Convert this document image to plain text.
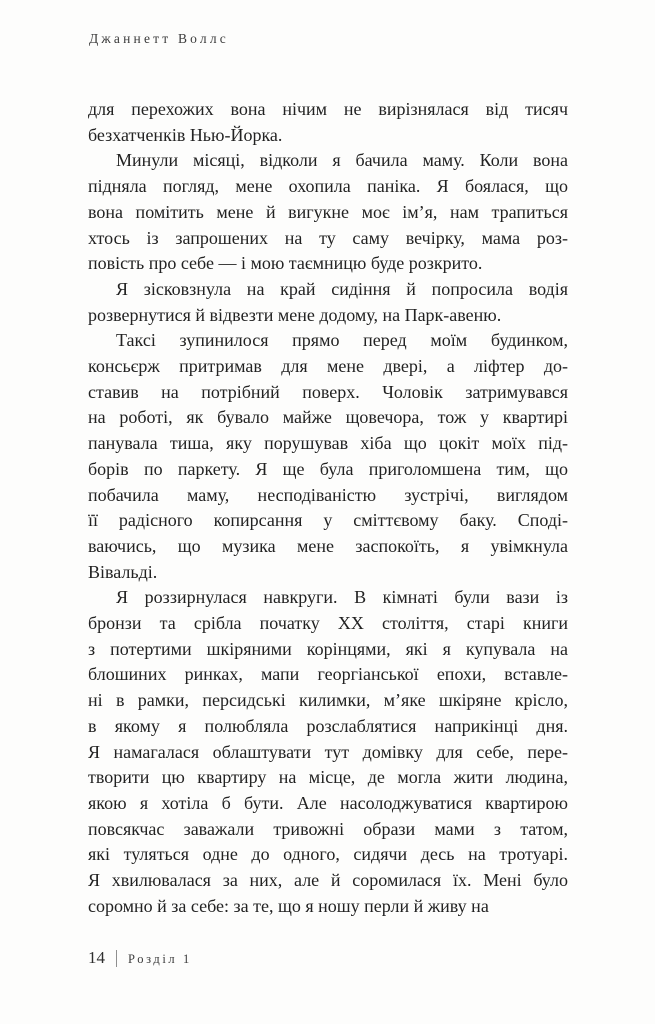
Джаннетт Воллс

для перехожих вона нічим не вирізнялася від тисяч
безхатченків Нью-Йорка.

Минули місяці, відколи я бачила маму. Коли вона
підняла погляд, мене охопила паніка. Я боялася, що
вона помітить мене й вигукне моє ім’я, нам трапиться
хтось із запрошених на ту саму вечірку, мама роз-
повість про себе — і мою таємницю буде розкрито.

Я зісковзнула на край сидіння й попросила водія
розвернутися й відвезти мене додому, на Парк-авеню.

Таксі зупинилося прямо перед моїм будинком,
консьєрж притримав для мене двері, а ліфтер до-
ставив на потрібний поверх. Чоловік затримувався
на роботі, як бувало майже щовечора, тож у квартирі
панувала тиша, яку порушував хіба що цокіт моїх під-
борів по паркету. Я ще була приголомшена тим, що
побачила маму, несподіваністю зустрічі, виглядом
її радісного копирсання у сміттєвому баку. Споді-
ваючись, що музика мене заспокоїть, я увімкнула
Вівальді.

Я роззирнулася навкруги. В кімнаті були вази із
бронзи та срібла початку XX століття, старі книги
з потертими шкіряними корінцями, які я купувала на
блошиних ринках, мапи георгіанської епохи, вставле-
ні в рамки, персидські килимки, м’яке шкіряне крісло,
в якому я полюбляла розслаблятися наприкінці дня.
Я намагалася облаштувати тут домівку для себе, пере-
творити цю квартиру на місце, де могла жити людина,
якою я хотіла б бути. Але насолоджуватися квартирою
повсякчас заважали тривожні образи мами з татом,
які туляться одне до одного, сидячи десь на тротуарі.
Я хвилювалася за них, але й соромилася їх. Мені було
соромно й за себе: за те, що я ношу перли й живу на

14 Розділ 1
